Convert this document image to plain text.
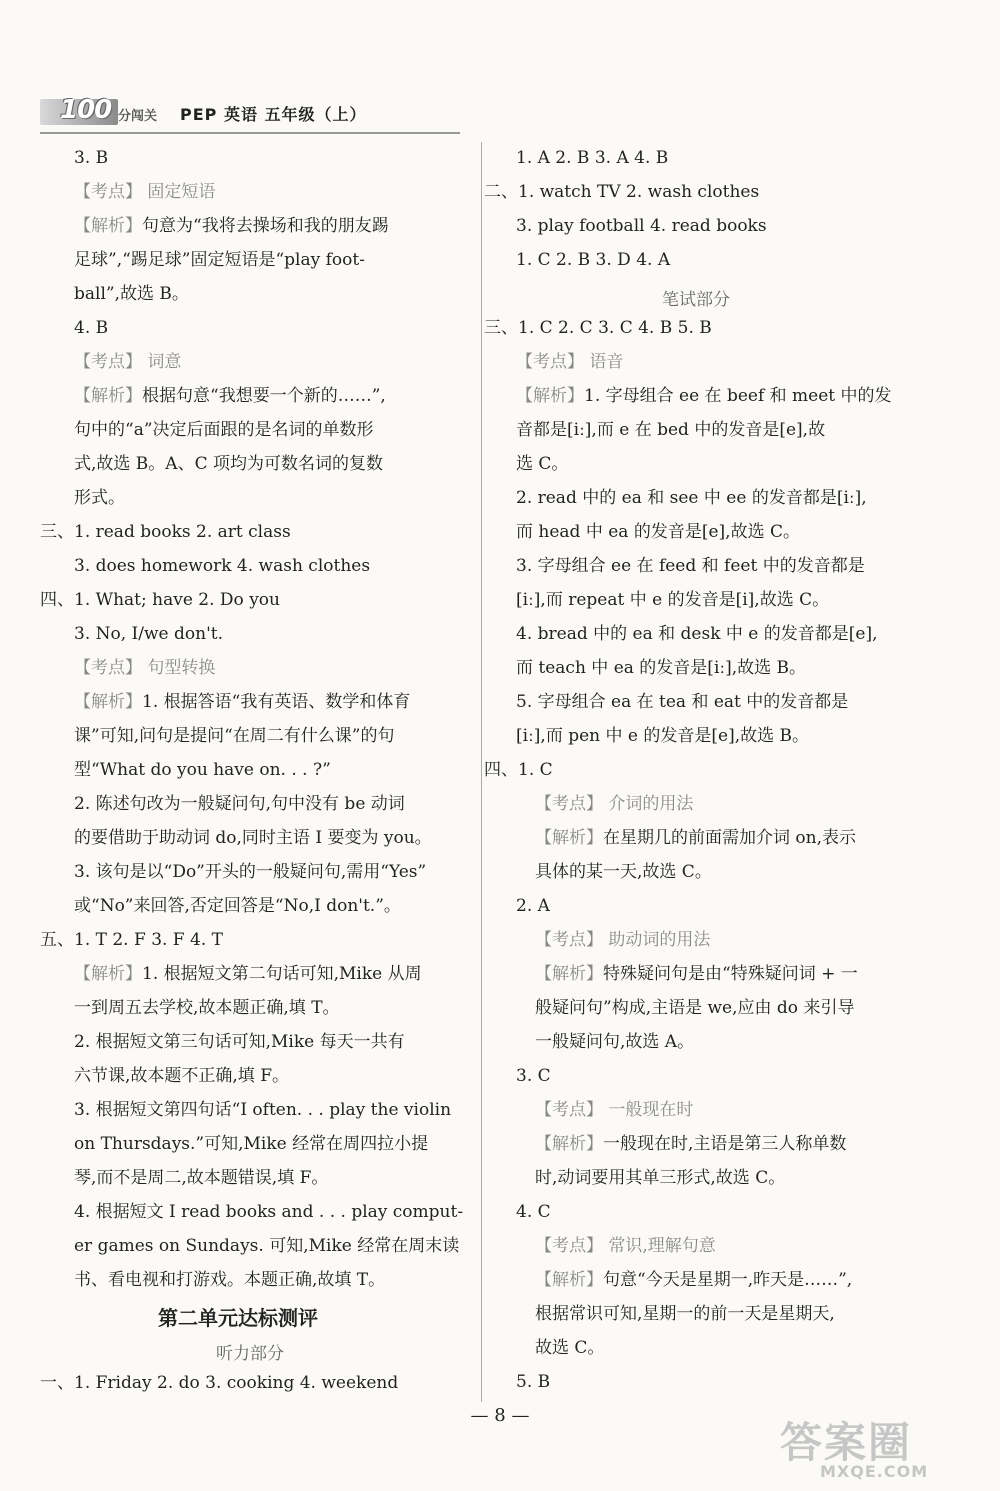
100 分闯关 PEP 英语 五年级（上）
3. B
【考点】 固定短语
【解析】句意为“我将去操场和我的朋友踢
足球”,“踢足球”固定短语是“play foot-
ball”,故选 B。
4. B
【考点】 词意
【解析】根据句意“我想要一个新的……”,
句中的“a”决定后面跟的是名词的单数形
式,故选 B。A、C 项均为可数名词的复数
形式。
三、1. read books 2. art class
3. does homework 4. wash clothes
四、1. What; have 2. Do you
3. No, I/we don't.
【考点】 句型转换
【解析】1. 根据答语“我有英语、数学和体育
课”可知,问句是提问“在周二有什么课”的句
型“What do you have on. . . ?”
2. 陈述句改为一般疑问句,句中没有 be 动词
的要借助于助动词 do,同时主语 I 要变为 you。
3. 该句是以“Do”开头的一般疑问句,需用“Yes”
或“No”来回答,否定回答是“No,I don't.”。
五、1. T 2. F 3. F 4. T
【解析】1. 根据短文第二句话可知,Mike 从周
一到周五去学校,故本题正确,填 T。
2. 根据短文第三句话可知,Mike 每天一共有
六节课,故本题不正确,填 F。
3. 根据短文第四句话“I often. . . play the violin
on Thursdays.”可知,Mike 经常在周四拉小提
琴,而不是周二,故本题错误,填 F。
4. 根据短文 I read books and . . . play comput-
er games on Sundays. 可知,Mike 经常在周末读
书、看电视和打游戏。本题正确,故填 T。
第二单元达标测评
听力部分
一、1. Friday 2. do 3. cooking 4. weekend
1. A 2. B 3. A 4. B
二、1. watch TV 2. wash clothes
3. play football 4. read books
1. C 2. B 3. D 4. A
三、1. C 2. C 3. C 4. B 5. B
【考点】 语音
【解析】1. 字母组合 ee 在 beef 和 meet 中的发
音都是[iː],而 e 在 bed 中的发音是[e],故
选 C。
2. read 中的 ea 和 see 中 ee 的发音都是[iː],
而 head 中 ea 的发音是[e],故选 C。
3. 字母组合 ee 在 feed 和 feet 中的发音都是
[iː],而 repeat 中 e 的发音是[i],故选 C。
4. bread 中的 ea 和 desk 中 e 的发音都是[e],
而 teach 中 ea 的发音是[iː],故选 B。
5. 字母组合 ea 在 tea 和 eat 中的发音都是
[iː],而 pen 中 e 的发音是[e],故选 B。
四、1. C
【考点】 介词的用法
【解析】在星期几的前面需加介词 on,表示
具体的某一天,故选 C。
2. A
【考点】 助动词的用法
【解析】特殊疑问句是由“特殊疑问词 + 一
般疑问句”构成,主语是 we,应由 do 来引导
一般疑问句,故选 A。
3. C
【考点】 一般现在时
【解析】一般现在时,主语是第三人称单数
时,动词要用其单三形式,故选 C。
4. C
【考点】 常识,理解句意
【解析】句意“今天是星期一,昨天是……”,
根据常识可知,星期一的前一天是星期天,
故选 C。
5. B
笔试部分
— 8 —
答案圈
MXQE.COM
